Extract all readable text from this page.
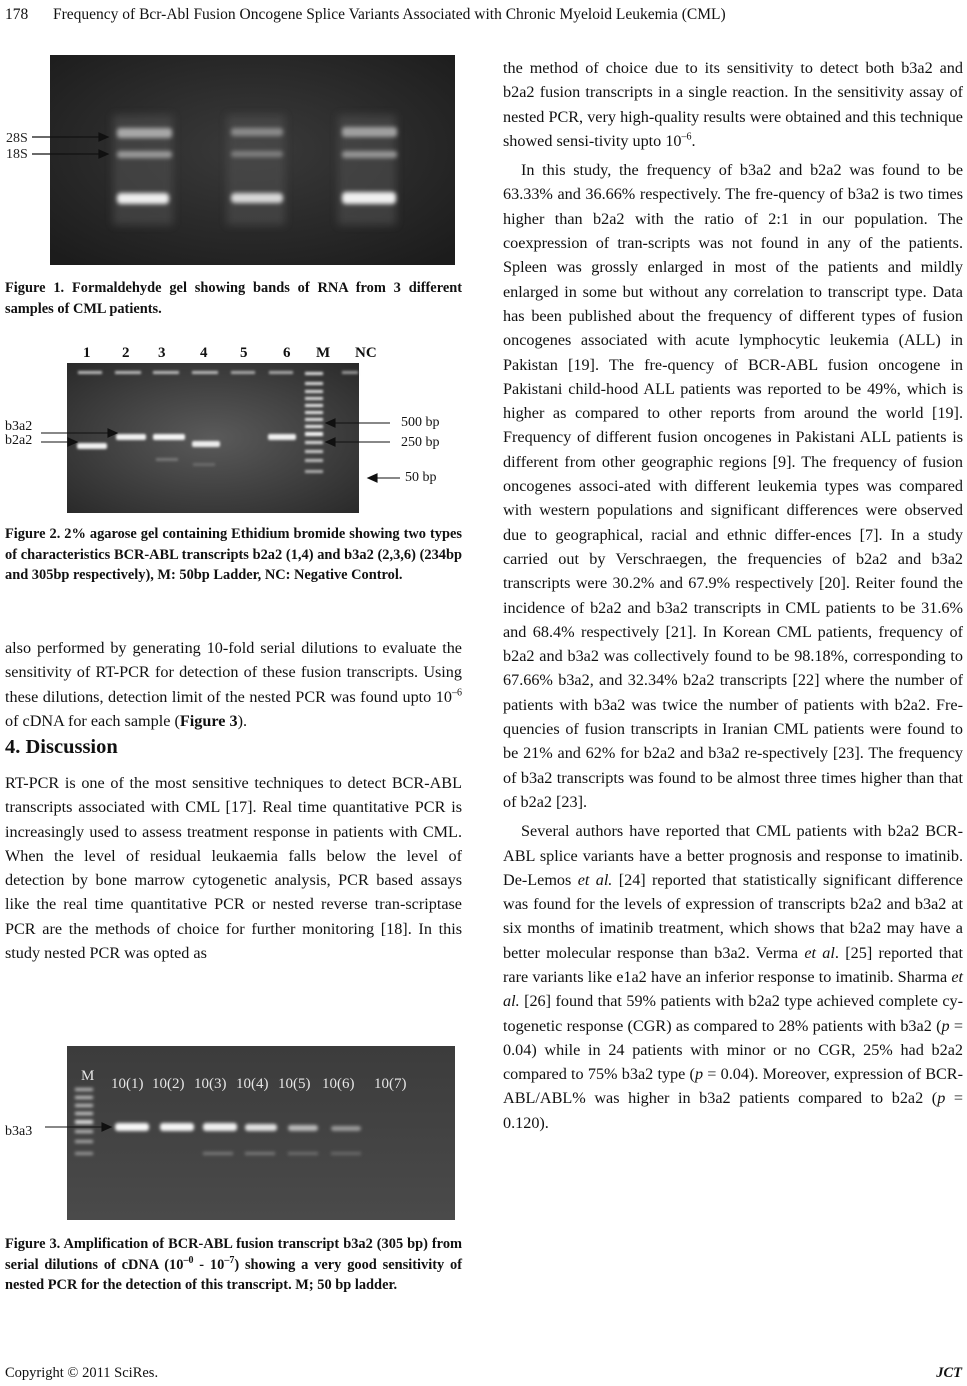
178 Frequency of Bcr-Abl Fusion Oncogene Splice Variants Associated with Chronic Myeloid Leukemia (CML)
28S
18S

Figure 1. Formaldehyde gel showing bands of RNA from 3 different samples of CML patients.

1 2 3 4 5 6 M NC
b3a2
b2a2
500 bp
250 bp
50 bp

Figure 2. 2% agarose gel containing Ethidium bromide showing two types of characteristics BCR-ABL transcripts b2a2 (1,4) and b3a2 (2,3,6) (234bp and 305bp respectively), M: 50bp Ladder, NC: Negative Control.

also performed by generating 10-fold serial dilutions to evaluate the sensitivity of RT-PCR for detection of these fusion transcripts. Using these dilutions, detection limit of the nested PCR was found upto $10^{-6}$ of cDNA for each sample (Figure 3).

4. Discussion

RT-PCR is one of the most sensitive techniques to detect BCR-ABL transcripts associated with CML [17]. Real time quantitative PCR is increasingly used to assess treatment response in patients with CML. When the level of residual leukaemia falls below the level of detection by bone marrow cytogenetic analysis, PCR based assays like the real time quantitative PCR or nested reverse tran-scriptase PCR are the methods of choice for further monitoring [18]. In this study nested PCR was opted as

M 10(1) 10(2) 10(3) 10(4) 10(5) 10(6) 10(7)
b3a3

Figure 3. Amplification of BCR-ABL fusion transcript b3a2 (305 bp) from serial dilutions of cDNA $(10^{-0} - 10^{-7})$ showing a very good sensitivity of nested PCR for the detection of this transcript. M; 50 bp ladder.

the method of choice due to its sensitivity to detect both b3a2 and b2a2 fusion transcripts in a single reaction. In the sensitivity assay of nested PCR, very high-quality results were obtained and this technique showed sensi-tivity upto $10^{-6}$.

In this study, the frequency of b3a2 and b2a2 was found to be 63.33% and 36.66% respectively. The fre-quency of b3a2 is two times higher than b2a2 with the ratio of 2:1 in our population. The coexpression of tran-scripts was not found in any of the patients. Spleen was grossly enlarged in most of the patients and mildly enlarged in some but without any correlation to transcript type. Data has been published about the frequency of different types of fusion oncogenes associated with acute lymphocytic leukemia (ALL) in Pakistan [19]. The fre-quency of BCR-ABL fusion oncogene in Pakistani child-hood ALL patients was reported to be 49%, which is higher as compared to other reports from around the world [19]. Frequency of different fusion oncogenes in Pakistani ALL patients is different from other geographic regions [9]. The frequency of fusion oncogenes associ-ated with different leukemia types was compared with western populations and significant differences were observed due to geographical, racial and ethnic differ-ences [7]. In a study carried out by Verschraegen, the frequencies of b2a2 and b3a2 transcripts were 30.2% and 67.9% respectively [20]. Reiter found the incidence of b2a2 and b3a2 transcripts in CML patients to be 31.6% and 68.4% respectively [21]. In Korean CML patients, frequency of b2a2 and b3a2 was collectively found to be 98.18%, corresponding to 67.66% b3a2, and 32.34% b2a2 transcripts [22] where the number of patients with b3a2 was twice the number of patients with b2a2. Fre-quencies of fusion transcripts in Iranian CML patients were found to be 21% and 62% for b2a2 and b3a2 re-spectively [23]. The frequency of b3a2 transcripts was found to be almost three times higher than that of b2a2 [23].

Several authors have reported that CML patients with b2a2 BCR-ABL splice variants have a better prognosis and response to imatinib. De-Lemos et al. [24] reported that statistically significant difference was found for the levels of expression of transcripts b2a2 and b3a2 at six months of imatinib treatment, which shows that b2a2 may have a better molecular response than b3a2. Verma et al. [25] reported that rare variants like e1a2 have an inferior response to imatinib. Sharma et al. [26] found that 59% patients with b2a2 type achieved complete cy-togenetic response (CGR) as compared to 28% patients with b3a2 (p = 0.04) while in 24 patients with minor or no CGR, 25% had b2a2 compared to 75% b3a2 type (p = 0.04). Moreover, expression of BCR-ABL/ABL% was higher in b3a2 patients compared to b2a2 (p = 0.120).

Copyright © 2011 SciRes.	JCT
